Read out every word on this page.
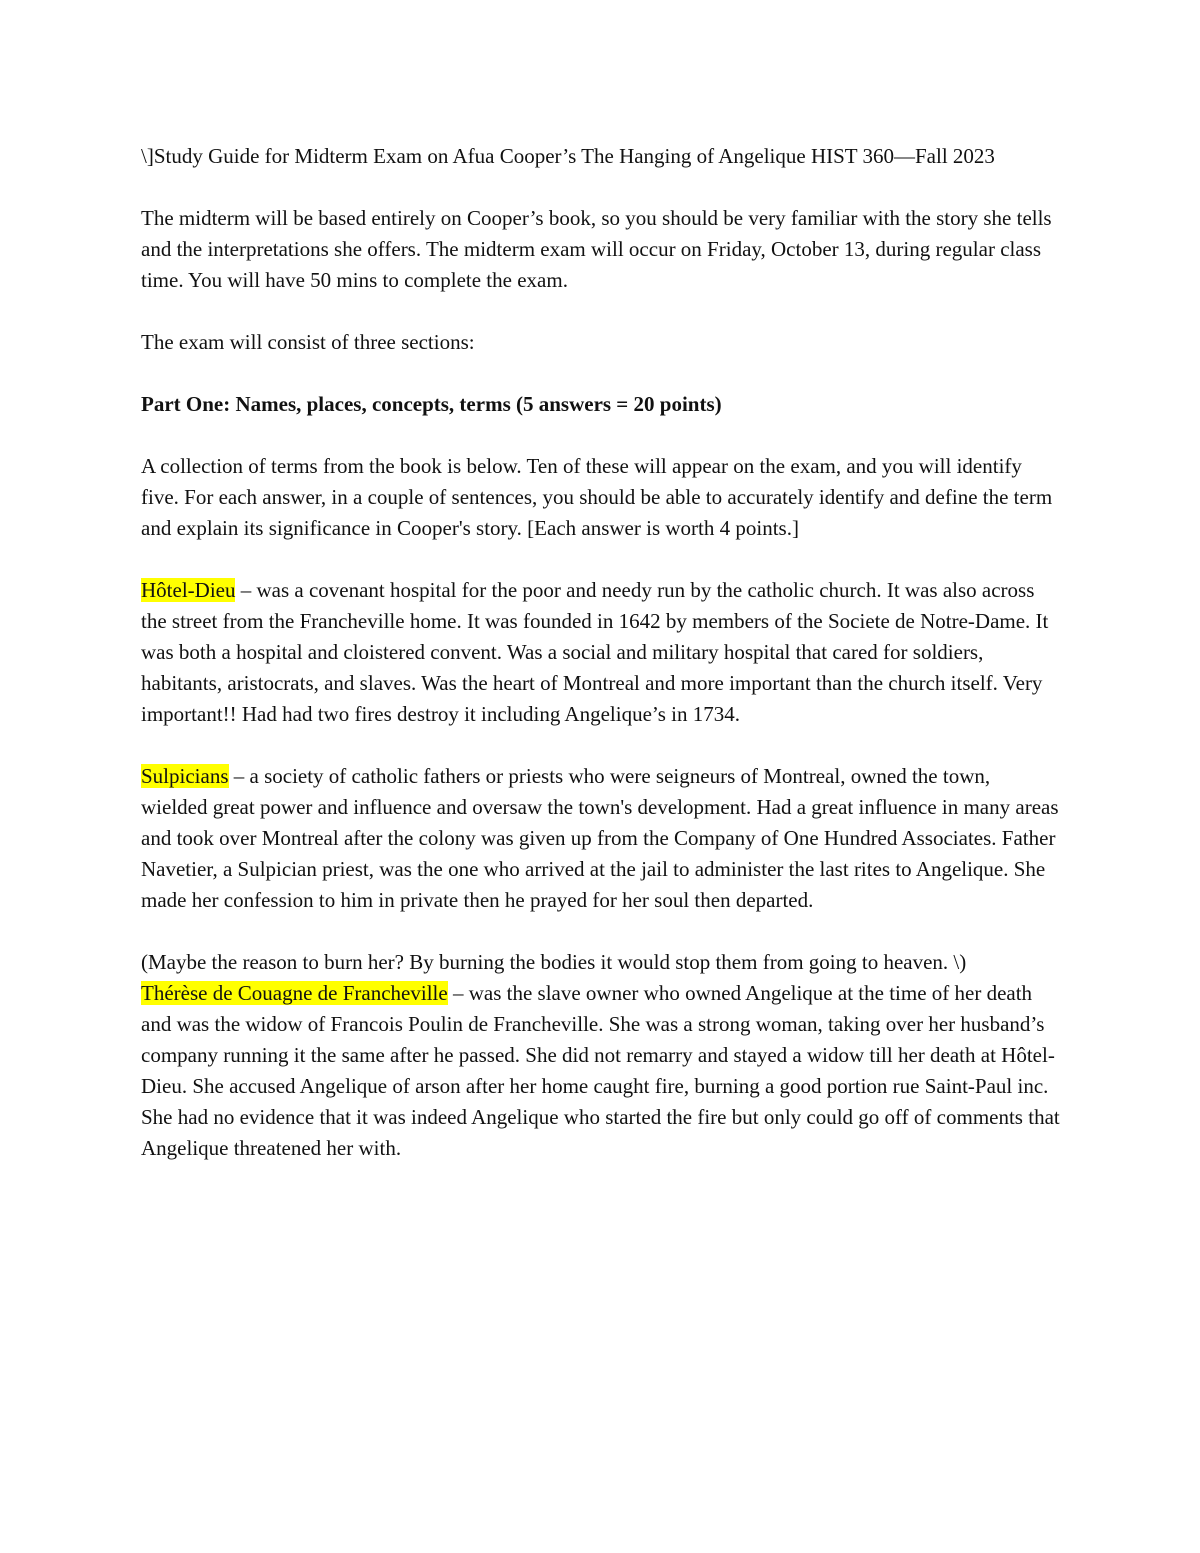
\]Study Guide for Midterm Exam on Afua Cooper’s The Hanging of Angelique HIST 360—Fall 2023

The midterm will be based entirely on Cooper’s book, so you should be very familiar with the story she tells and the interpretations she offers. The midterm exam will occur on Friday, October 13, during regular class time. You will have 50 mins to complete the exam.

The exam will consist of three sections:

Part One: Names, places, concepts, terms (5 answers = 20 points)

A collection of terms from the book is below. Ten of these will appear on the exam, and you will identify five. For each answer, in a couple of sentences, you should be able to accurately identify and define the term and explain its significance in Cooper's story. [Each answer is worth 4 points.]

Hôtel-Dieu – was a covenant hospital for the poor and needy run by the catholic church. It was also across the street from the Francheville home. It was founded in 1642 by members of the Societe de Notre-Dame. It was both a hospital and cloistered convent. Was a social and military hospital that cared for soldiers, habitants, aristocrats, and slaves. Was the heart of Montreal and more important than the church itself. Very important!! Had had two fires destroy it including Angelique’s in 1734.

Sulpicians – a society of catholic fathers or priests who were seigneurs of Montreal, owned the town, wielded great power and influence and oversaw the town's development. Had a great influence in many areas and took over Montreal after the colony was given up from the Company of One Hundred Associates. Father Navetier, a Sulpician priest, was the one who arrived at the jail to administer the last rites to Angelique. She made her confession to him in private then he prayed for her soul then departed.

(Maybe the reason to burn her? By burning the bodies it would stop them from going to heaven. \)

Thérèse de Couagne de Francheville – was the slave owner who owned Angelique at the time of her death and was the widow of Francois Poulin de Francheville. She was a strong woman, taking over her husband’s company running it the same after he passed. She did not remarry and stayed a widow till her death at Hôtel-Dieu. She accused Angelique of arson after her home caught fire, burning a good portion rue Saint-Paul inc. She had no evidence that it was indeed Angelique who started the fire but only could go off of comments that Angelique threatened her with.
